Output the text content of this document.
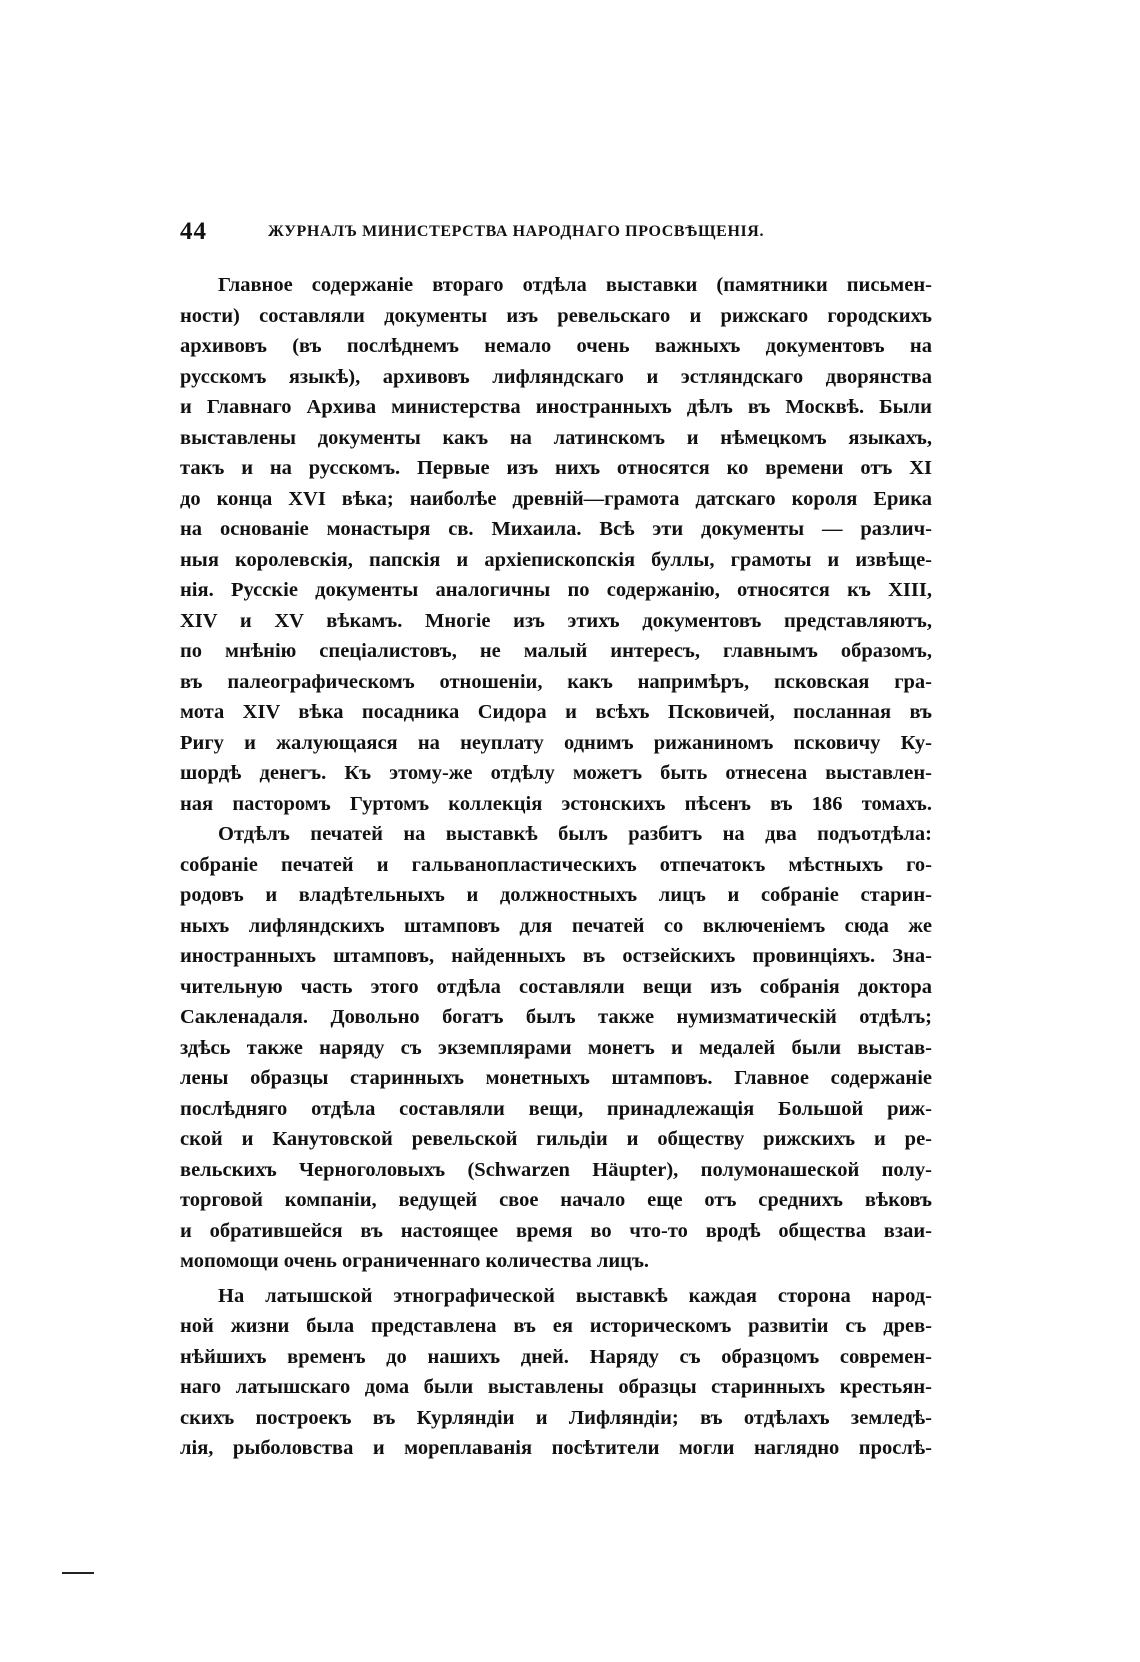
44	ЖУРНАЛЪ МИНИСТЕРСТВА НАРОДНАГО ПРОСВѢЩЕНІЯ.
Главное содержаніе втораго отдѣла выставки (памятники письмен-
ности) составляли документы изъ ревельскаго и рижскаго городскихъ
архивовъ (въ послѣднемъ немало очень важныхъ документовъ на
русскомъ языкѣ), архивовъ лифляндскаго и эстляндскаго дворянства
и Главнаго Архива министерства иностранныхъ дѣлъ въ Москвѣ. Были
выставлены документы какъ на латинскомъ и нѣмецкомъ языкахъ,
такъ и на русскомъ. Первые изъ нихъ относятся ко времени отъ XI
до конца XVI вѣка; наиболѣе древній—грамота датскаго короля Ерика
на основаніе монастыря св. Михаила. Всѣ эти документы — различ-
ныя королевскія, папскія и архіепископскія буллы, грамоты и извѣще-
нія. Русскіе документы аналогичны по содержанію, относятся къ XIII,
XIV и XV вѣкамъ. Многіе изъ этихъ документовъ представляютъ,
по мнѣнію спеціалистовъ, не малый интересъ, главнымъ образомъ,
въ палеографическомъ отношеніи, какъ напримѣръ, псковская гра-
мота XIV вѣка посадника Сидора и всѣхъ Псковичей, посланная въ
Ригу и жалующаяся на неуплату однимъ рижаниномъ псковичу Ку-
шордѣ денегъ. Къ этому-же отдѣлу можетъ быть отнесена выставлен-
ная пасторомъ Гуртомъ коллекція эстонскихъ пѣсенъ въ 186 томахъ.
Отдѣлъ печатей на выставкѣ былъ разбитъ на два подъотдѣла:
собраніе печатей и гальванопластическихъ отпечатокъ мѣстныхъ го-
родовъ и владѣтельныхъ и должностныхъ лицъ и собраніе старин-
ныхъ лифляндскихъ штамповъ для печатей со включеніемъ сюда же
иностранныхъ штамповъ, найденныхъ въ остзейскихъ провинціяхъ. Зна-
чительную часть этого отдѣла составляли вещи изъ собранія доктора
Сакленадаля. Довольно богатъ былъ также нумизматическій отдѣлъ;
здѣсь также наряду съ экземплярами монетъ и медалей были выстав-
лены образцы старинныхъ монетныхъ штамповъ. Главное содержаніе
послѣдняго отдѣла составляли вещи, принадлежащія Большой риж-
ской и Канутовской ревельской гильдіи и обществу рижскихъ и ре-
вельскихъ Черноголовыхъ (Schwarzen Häupter), полумонашеской полу-
торговой компаніи, ведущей свое начало еще отъ среднихъ вѣковъ
и обратившейся въ настоящее время во что-то вродѣ общества взаи-
мопомощи очень ограниченнаго количества лицъ.
На латышской этнографической выставкѣ каждая сторона народ-
ной жизни была представлена въ ея историческомъ развитіи съ древ-
нѣйшихъ временъ до нашихъ дней. Наряду съ образцомъ современ-
наго латышскаго дома были выставлены образцы старинныхъ крестьян-
скихъ построекъ въ Курляндіи и Лифляндіи; въ отдѣлахъ земледѣ-
лія, рыболовства и мореплаванія посѣтители могли наглядно прослѣ-
